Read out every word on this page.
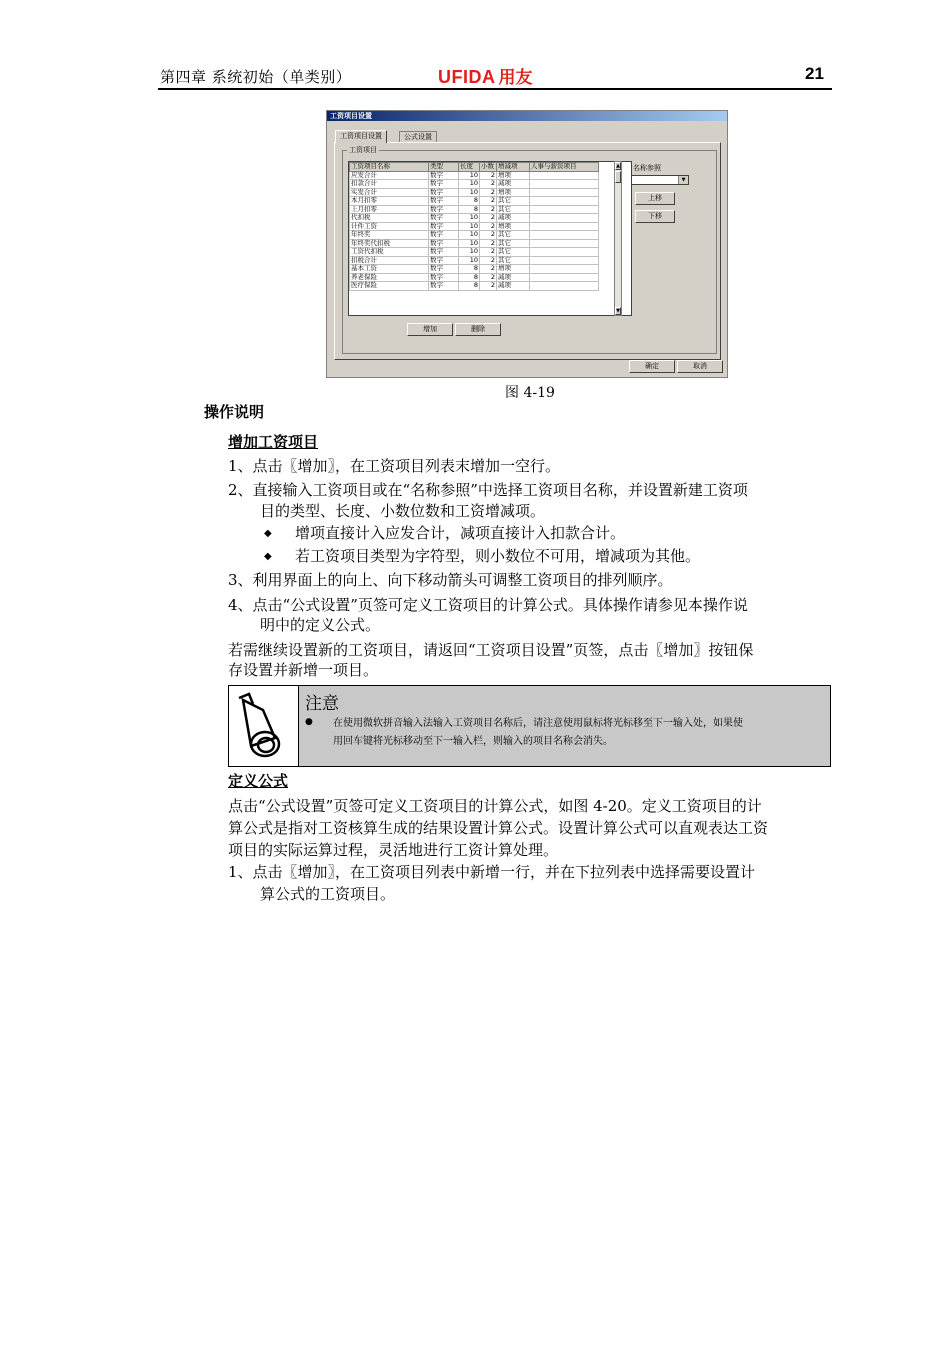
第四章 系统初始（单类别）	UFIDA 用友	21
工资项目设置
工资项目设置	公式设置
工资项目
工资项目名称	类型	长度	小数	增减项	人事与薪资项目
应发合计	数字	10	2	增项	
扣款合计	数字	10	2	减项	
实发合计	数字	10	2	增项	
本月扣零	数字	8	2	其它	
上月扣零	数字	8	2	其它	
代扣税	数字	10	2	减项	
计件工资	数字	10	2	增项	
年终奖	数字	10	2	其它	
年终奖代扣税	数字	10	2	其它	
工资代扣税	数字	10	2	其它	
扣税合计	数字	10	2	其它	
基本工资	数字	8	2	增项	
养老保险	数字	8	2	减项	
医疗保险	数字	8	2	减项	
▲
▼
名称参照
▼
上移
下移
增加	删除
确定	取消
图 4-19
操作说明
增加工资项目
1、点击〖增加〗，在工资项目列表末增加一空行。
2、直接输入工资项目或在“名称参照”中选择工资项目名称，并设置新建工资项
目的类型、长度、小数位数和工资增减项。
◆ 增项直接计入应发合计，减项直接计入扣款合计。
◆ 若工资项目类型为字符型，则小数位不可用，增减项为其他。
3、利用界面上的向上、向下移动箭头可调整工资项目的排列顺序。
4、点击“公式设置”页签可定义工资项目的计算公式。具体操作请参见本操作说
明中的定义公式。
若需继续设置新的工资项目，请返回“工资项目设置”页签，点击〖增加〗按钮保
存设置并新增一项目。
注意
● 在使用微软拼音输入法输入工资项目名称后，请注意使用鼠标将光标移至下一输入处，如果使
用回车键将光标移动至下一输入栏，则输入的项目名称会消失。
定义公式
点击“公式设置”页签可定义工资项目的计算公式，如图 4-20。定义工资项目的计
算公式是指对工资核算生成的结果设置计算公式。设置计算公式可以直观表达工资
项目的实际运算过程，灵活地进行工资计算处理。
1、点击〖增加〗，在工资项目列表中新增一行，并在下拉列表中选择需要设置计
算公式的工资项目。
